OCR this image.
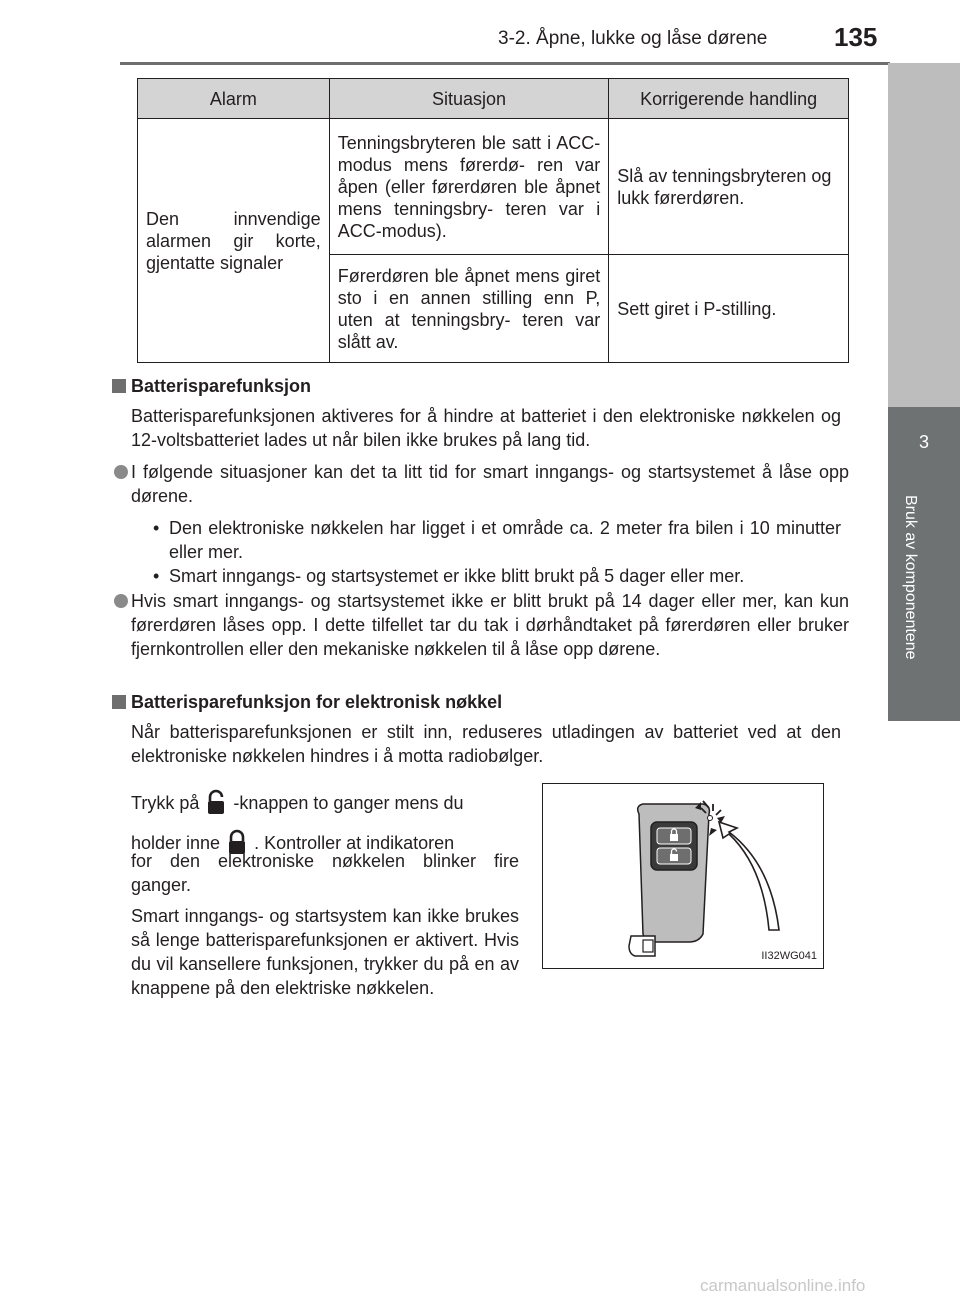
3-2. Åpne, lukke og låse dørene	135
3
Bruk av komponentene
Alarm	Situasjon	Korrigerende handling
Den innvendige alarmen gir korte, gjentatte signaler	Tenningsbryteren ble satt i ACC-modus mens førerdø- ren var åpen (eller førerdøren ble åpnet mens tenningsbry- teren var i ACC-modus).	Slå av tenningsbryteren og lukk førerdøren.
	Førerdøren ble åpnet mens giret sto i en annen stilling enn P, uten at tenningsbry- teren var slått av.	Sett giret i P-stilling.
Batterisparefunksjon
Batterisparefunksjonen aktiveres for å hindre at batteriet i den elektroniske nøkkelen og 12-voltsbatteriet lades ut når bilen ikke brukes på lang tid.
I følgende situasjoner kan det ta litt tid for smart inngangs- og startsystemet å låse opp dørene.
• Den elektroniske nøkkelen har ligget i et område ca. 2 meter fra bilen i 10 minutter eller mer.
• Smart inngangs- og startsystemet er ikke blitt brukt på 5 dager eller mer.
Hvis smart inngangs- og startsystemet ikke er blitt brukt på 14 dager eller mer, kan kun førerdøren låses opp. I dette tilfellet tar du tak i dørhåndtaket på førerdøren eller bruker fjernkontrollen eller den mekaniske nøkkelen til å låse opp dørene.
Batterisparefunksjon for elektronisk nøkkel
Når batterisparefunksjonen er stilt inn, reduseres utladingen av batteriet ved at den elektroniske nøkkelen hindres i å motta radiobølger.
Trykk på -knappen to ganger mens du
holder inne . Kontroller at indikatoren
for den elektroniske nøkkelen blinker fire ganger.
Smart inngangs- og startsystem kan ikke brukes så lenge batterisparefunksjonen er aktivert. Hvis du vil kansellere funksjonen, trykker du på en av knappene på den elektriske nøkkelen.
II32WG041
carmanualsonline.info
